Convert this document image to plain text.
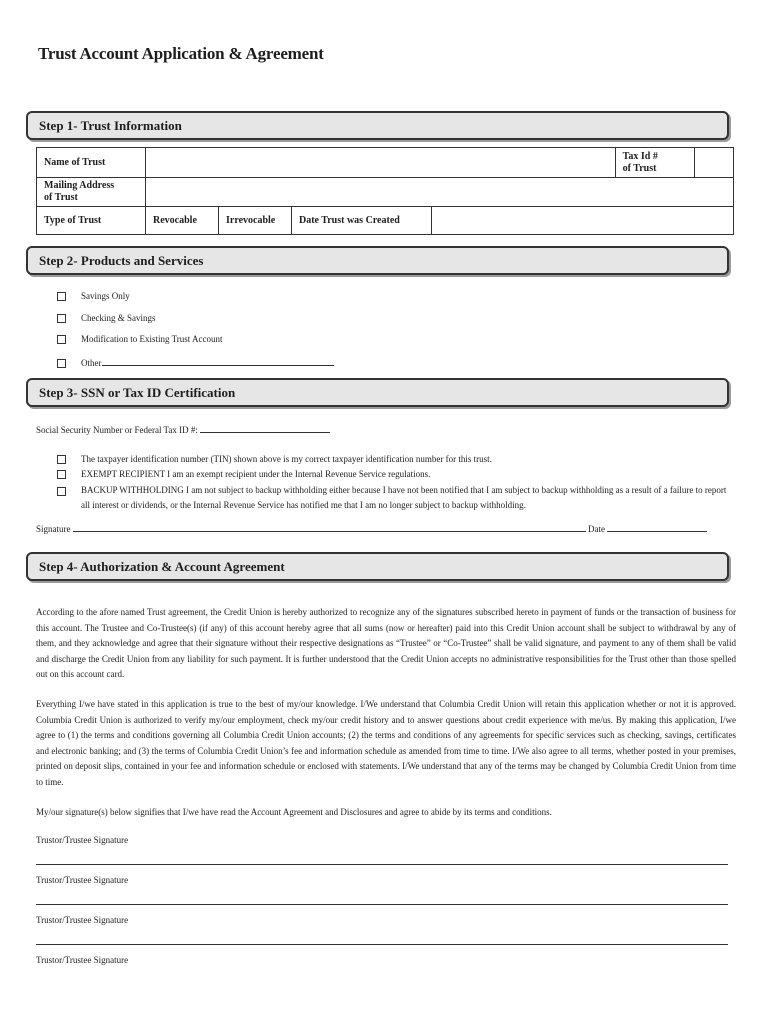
Trust Account Application & Agreement
Step 1- Trust Information
Name of Trust					Tax Id #
of Trust	

Mailing Address
of Trust						

Type of Trust	Revocable	Irrevocable	Date Trust was Created			
Step 2- Products and Services
Savings Only
Checking & Savings
Modification to Existing Trust Account
Other
Step 3- SSN or Tax ID Certification
Social Security Number or Federal Tax ID #:
The taxpayer identification number (TIN) shown above is my correct taxpayer identification number for this trust.
EXEMPT RECIPIENT I am an exempt recipient under the Internal Revenue Service regulations.
BACKUP WITHHOLDING I am not subject to backup withholding either because I have not been notified that I am subject to backup withholding as a result of a failure to report all interest or dividends, or the Internal Revenue Service has notified me that I am no longer subject to backup withholding.
Signature	Date
Step 4- Authorization & Account Agreement
According to the afore named Trust agreement, the Credit Union is hereby authorized to recognize any of the signatures subscribed hereto in payment of funds or the transaction of business for this account. The Trustee and Co-Trustee(s) (if any) of this account hereby agree that all sums (now or hereafter) paid into this Credit Union account shall be subject to withdrawal by any of them, and they acknowledge and agree that their signature without their respective designations as “Trustee” or “Co-Trustee” shall be valid signature, and payment to any of them shall be valid and discharge the Credit Union from any liability for such payment. It is further understood that the Credit Union accepts no administrative responsibilities for the Trust other than those spelled out on this account card.
Everything I/we have stated in this application is true to the best of my/our knowledge. I/We understand that Columbia Credit Union will retain this application whether or not it is approved. Columbia Credit Union is authorized to verify my/our employment, check my/our credit history and to answer questions about credit experience with me/us. By making this application, I/we agree to (1) the terms and conditions governing all Columbia Credit Union accounts; (2) the terms and conditions of any agreements for specific services such as checking, savings, certificates and electronic banking; and (3) the terms of Columbia Credit Union’s fee and information schedule as amended from time to time. I/We also agree to all terms, whether posted in your premises, printed on deposit slips, contained in your fee and information schedule or enclosed with statements. I/We understand that any of the terms may be changed by Columbia Credit Union from time to time.
My/our signature(s) below signifies that I/we have read the Account Agreement and Disclosures and agree to abide by its terms and conditions.
Trustor/Trustee Signature
Trustor/Trustee Signature
Trustor/Trustee Signature
Trustor/Trustee Signature
